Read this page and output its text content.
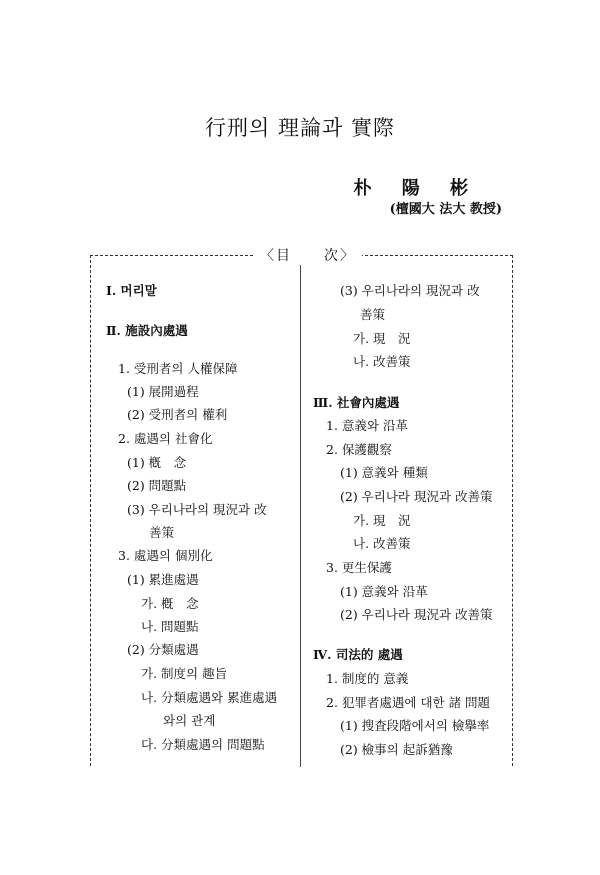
行刑의 理論과 實際
朴 陽 彬
(檀國大 法大 教授)
〈目　　次〉
Ⅰ. 머리말
Ⅱ. 施設內處遇
1. 受刑者의 人權保障
(1) 展開過程
(2) 受刑者의 權利
2. 處遇의 社會化
(1) 槪　念
(2) 問題點
(3) 우리나라의 現況과 改
善策
3. 處遇의 個別化
(1) 累進處遇
가. 槪　念
나. 問題點
(2) 分類處遇
가. 制度의 趣旨
나. 分類處遇와 累進處遇
와의 관계
다. 分類處遇의 問題點
(3) 우리나라의 現況과 改
善策
가. 現　況
나. 改善策
Ⅲ. 社會內處遇
1. 意義와 沿革
2. 保護觀察
(1) 意義와 種類
(2) 우리나라 現況과 改善策
가. 現　況
나. 改善策
3. 更生保護
(1) 意義와 沿革
(2) 우리나라 現況과 改善策
Ⅳ. 司法的 處遇
1. 制度的 意義
2. 犯罪者處遇에 대한 諸 問題
(1) 搜査段階에서의 檢擧率
(2) 檢事의 起訴猶豫
